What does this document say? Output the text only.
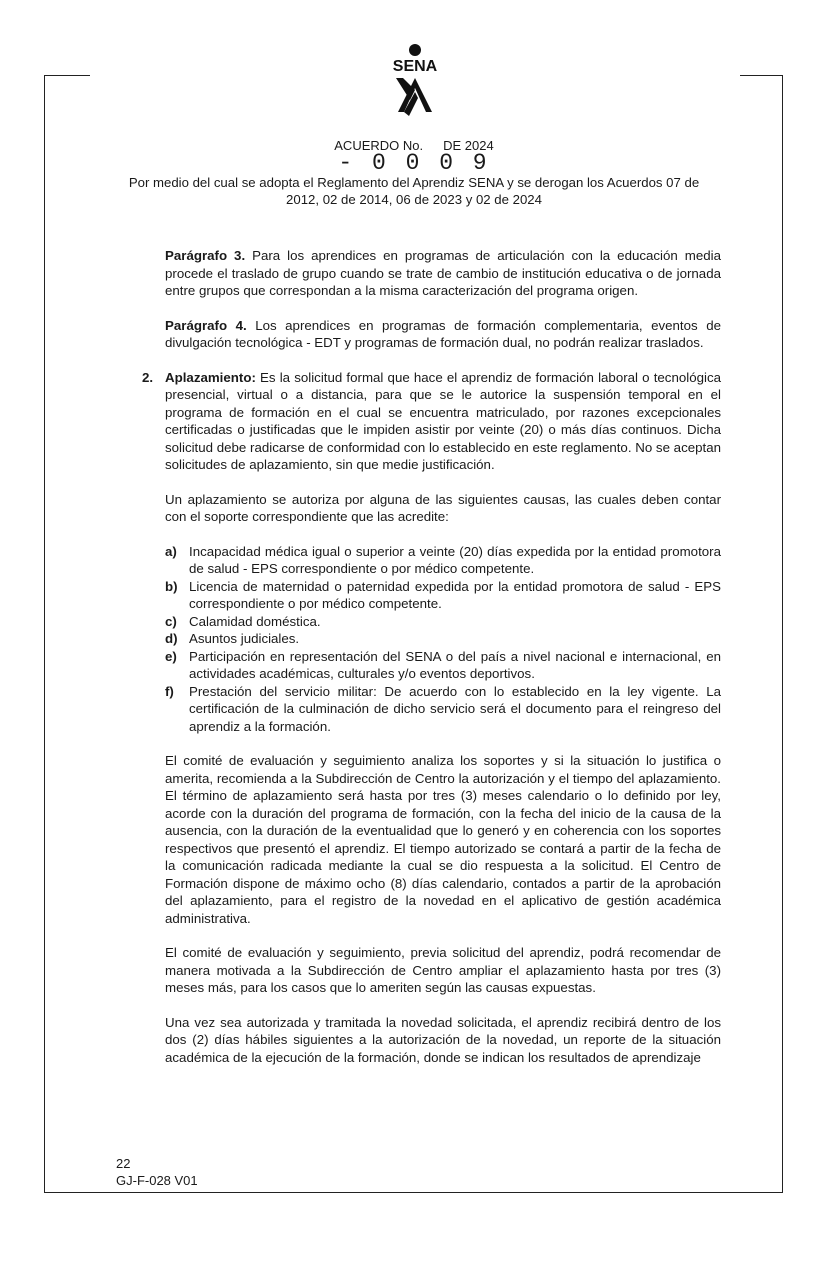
SENA
ACUERDO No. DE 2024
- 0 0 0 9
Por medio del cual se adopta el Reglamento del Aprendiz SENA y se derogan los Acuerdos 07 de
2012, 02 de 2014, 06 de 2023 y 02 de 2024

Parágrafo 3. Para los aprendices en programas de articulación con la educación media procede el traslado de grupo cuando se trate de cambio de institución educativa o de jornada entre grupos que correspondan a la misma caracterización del programa origen.

Parágrafo 4. Los aprendices en programas de formación complementaria, eventos de divulgación tecnológica - EDT y programas de formación dual, no podrán realizar traslados.

2. Aplazamiento: Es la solicitud formal que hace el aprendiz de formación laboral o tecnológica presencial, virtual o a distancia, para que se le autorice la suspensión temporal en el programa de formación en el cual se encuentra matriculado, por razones excepcionales certificadas o justificadas que le impiden asistir por veinte (20) o más días continuos. Dicha solicitud debe radicarse de conformidad con lo establecido en este reglamento. No se aceptan solicitudes de aplazamiento, sin que medie justificación.

Un aplazamiento se autoriza por alguna de las siguientes causas, las cuales deben contar con el soporte correspondiente que las acredite:

a) Incapacidad médica igual o superior a veinte (20) días expedida por la entidad promotora de salud - EPS correspondiente o por médico competente.
b) Licencia de maternidad o paternidad expedida por la entidad promotora de salud - EPS correspondiente o por médico competente.
c) Calamidad doméstica.
d) Asuntos judiciales.
e) Participación en representación del SENA o del país a nivel nacional e internacional, en actividades académicas, culturales y/o eventos deportivos.
f) Prestación del servicio militar: De acuerdo con lo establecido en la ley vigente. La certificación de la culminación de dicho servicio será el documento para el reingreso del aprendiz a la formación.

El comité de evaluación y seguimiento analiza los soportes y si la situación lo justifica o amerita, recomienda a la Subdirección de Centro la autorización y el tiempo del aplazamiento. El término de aplazamiento será hasta por tres (3) meses calendario o lo definido por ley, acorde con la duración del programa de formación, con la fecha del inicio de la causa de la ausencia, con la duración de la eventualidad que lo generó y en coherencia con los soportes respectivos que presentó el aprendiz. El tiempo autorizado se contará a partir de la fecha de la comunicación radicada mediante la cual se dio respuesta a la solicitud. El Centro de Formación dispone de máximo ocho (8) días calendario, contados a partir de la aprobación del aplazamiento, para el registro de la novedad en el aplicativo de gestión académica administrativa.

El comité de evaluación y seguimiento, previa solicitud del aprendiz, podrá recomendar de manera motivada a la Subdirección de Centro ampliar el aplazamiento hasta por tres (3) meses más, para los casos que lo ameriten según las causas expuestas.

Una vez sea autorizada y tramitada la novedad solicitada, el aprendiz recibirá dentro de los dos (2) días hábiles siguientes a la autorización de la novedad, un reporte de la situación académica de la ejecución de la formación, donde se indican los resultados de aprendizaje

22
GJ-F-028 V01
